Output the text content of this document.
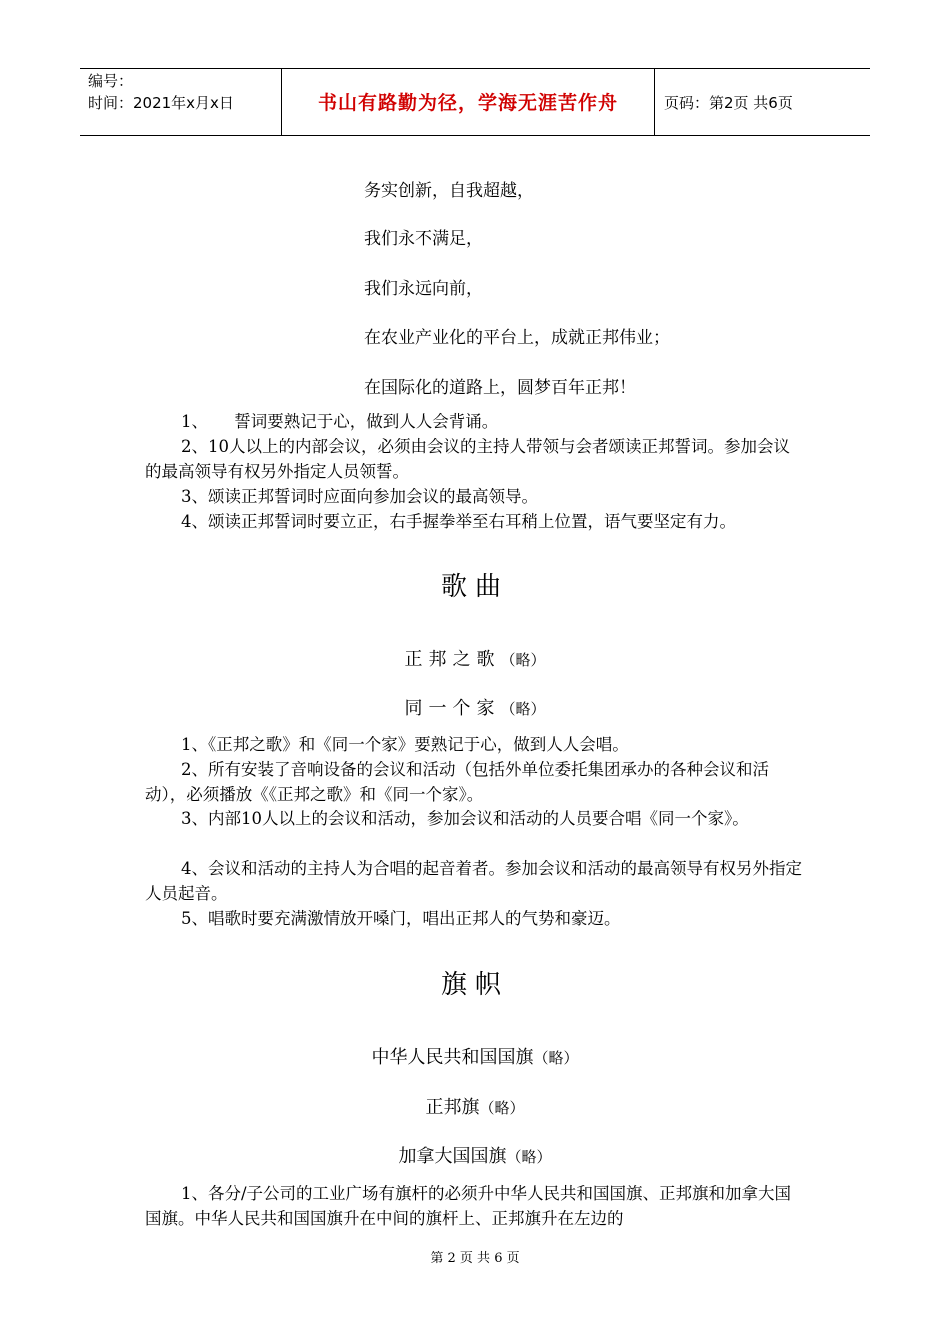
编号：
时间：2021年x月x日	书山有路勤为径，学海无涯苦作舟	页码：第2页 共6页
务实创新，自我超越，
我们永不满足，
我们永远向前，
在农业产业化的平台上，成就正邦伟业；
在国际化的道路上，圆梦百年正邦！
1、     誓词要熟记于心，做到人人会背诵。
2、10人以上的内部会议，必须由会议的主持人带领与会者颂读正邦誓词。参加会议的最高领导有权另外指定人员领誓。
3、颂读正邦誓词时应面向参加会议的最高领导。
4、颂读正邦誓词时要立正，右手握拳举至右耳稍上位置，语气要坚定有力。
歌曲
正邦之歌（略）
同一个家（略）
1、《正邦之歌》和《同一个家》要熟记于心，做到人人会唱。
2、所有安装了音响设备的会议和活动（包括外单位委托集团承办的各种会议和活动），必须播放《《正邦之歌》和《同一个家》。
3、内部10人以上的会议和活动，参加会议和活动的人员要合唱《同一个家》。
4、会议和活动的主持人为合唱的起音着者。参加会议和活动的最高领导有权另外指定人员起音。
5、唱歌时要充满激情放开嗓门，唱出正邦人的气势和豪迈。
旗帜
中华人民共和国国旗（略）
正邦旗（略）
加拿大国国旗（略）
1、各分/子公司的工业广场有旗杆的必须升中华人民共和国国旗、正邦旗和加拿大国国旗。中华人民共和国国旗升在中间的旗杆上、正邦旗升在左边的
第 2 页 共 6 页
